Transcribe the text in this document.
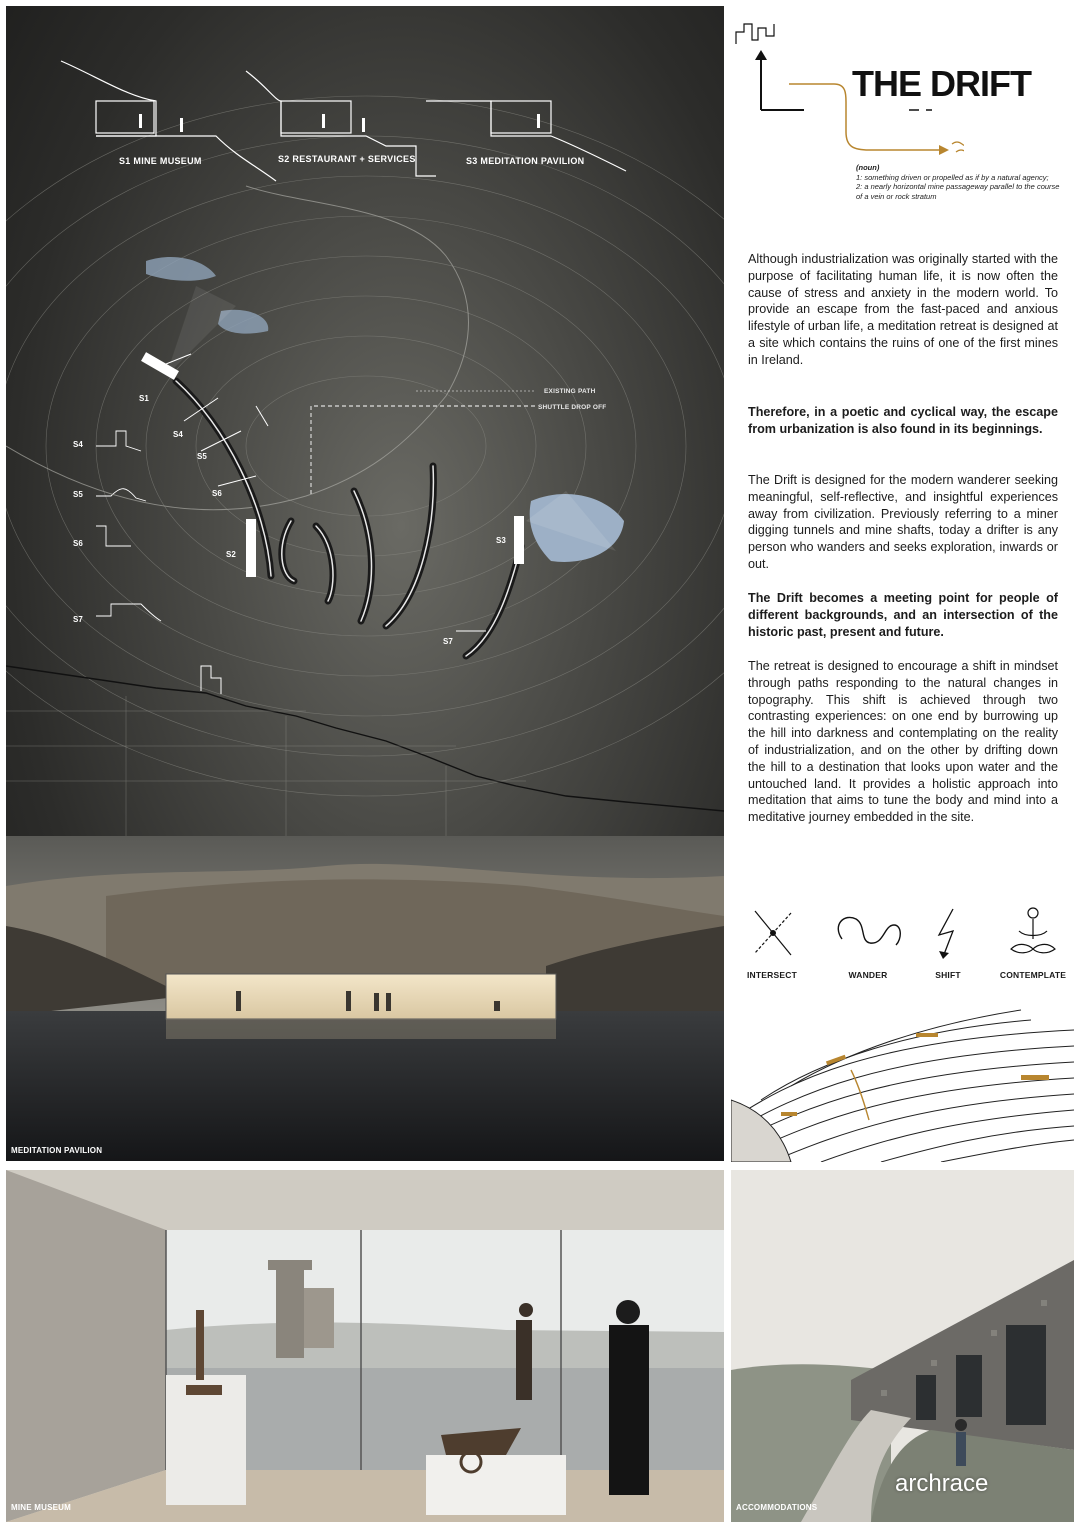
S1 MINE MUSEUM	S2 RESTAURANT + SERVICES	S3 MEDITATION PAVILION
S1
S2
S3
S4
S4
S5
S5
S6
S6
S7
S7
EXISTING PATH
SHUTTLE DROP OFF
MEDITATION PAVILION
THE DRIFT
(noun)
1: something driven or propelled as if by a natural agency;
2: a nearly horizontal mine passageway parallel to the course of a vein or rock stratum
Although industrialization was originally started with the purpose of facilitating human life, it is now often the cause of stress and anxiety in the modern world. To provide an escape from the fast-paced and anxious lifestyle of urban life, a meditation retreat is designed at a site which contains the ruins of one of the first mines in Ireland.
Therefore, in a poetic and cyclical way, the escape from urbanization is also found in its beginnings.
The Drift is designed for the modern wanderer seeking meaningful, self-reflective, and insightful experiences away from civilization. Previously referring to a miner digging tunnels and mine shafts, today a drifter is any person who wanders and seeks exploration, inwards or out.
The Drift becomes a meeting point for people of different backgrounds, and an intersection of the historic past, present and future.
The retreat is designed to encourage a shift in mindset through paths responding to the natural changes in topography. This shift is achieved through two contrasting experiences: on one end by burrowing up the hill into darkness and contemplating on the reality of industrialization, and on the other by drifting down the hill to a destination that looks upon water and the untouched land. It provides a holistic approach into meditation that aims to tune the body and mind into a meditative journey embedded in the site.
INTERSECT	WANDER	SHIFT	CONTEMPLATE
MINE MUSEUM	ACCOMMODATIONS
archrace
